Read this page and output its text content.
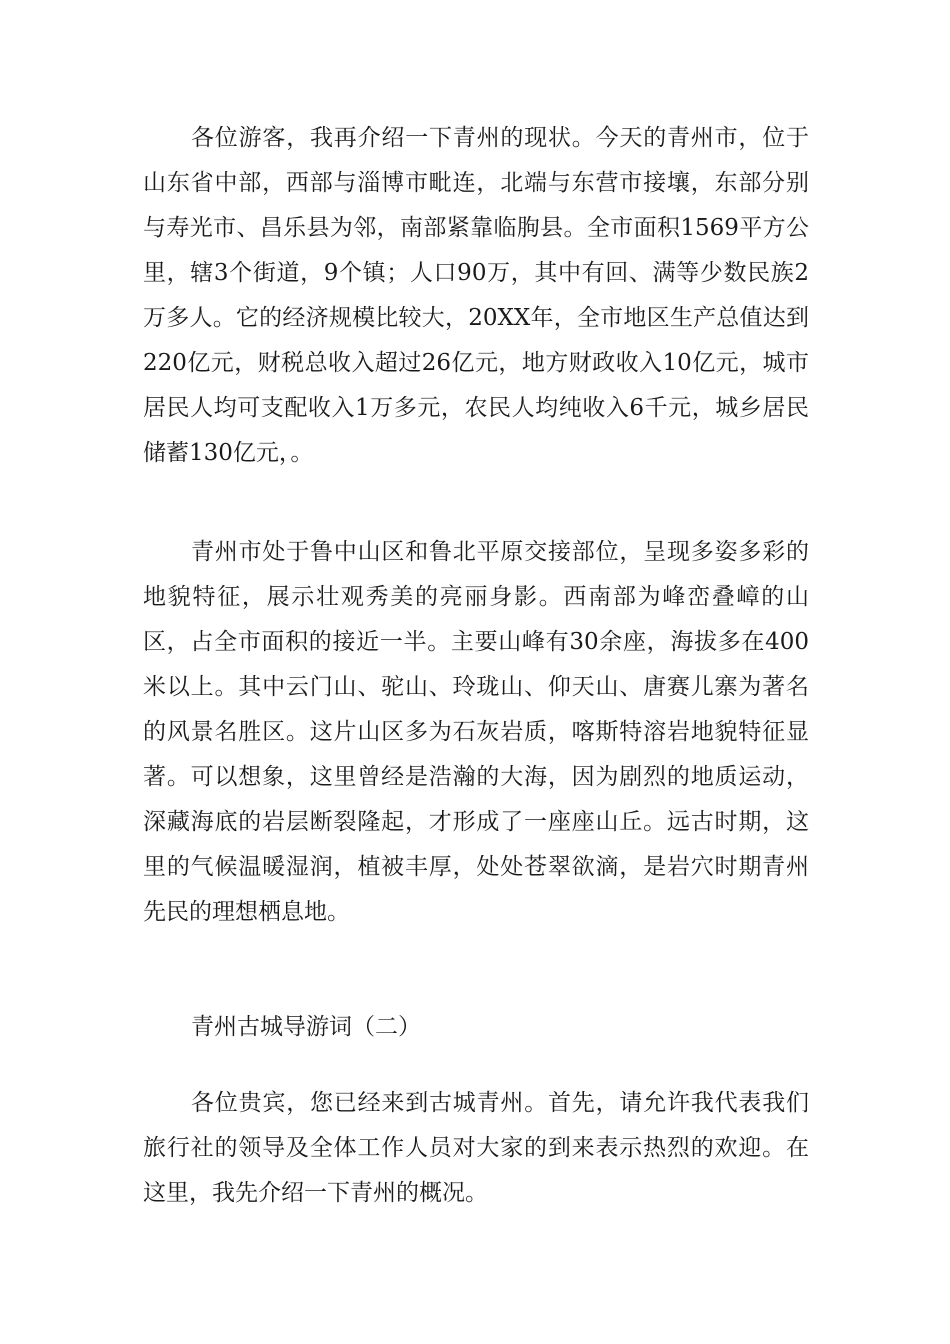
各位游客，我再介绍一下青州的现状。今天的青州市，位于山东省中部，西部与淄博市毗连，北端与东营市接壤，东部分别与寿光市、昌乐县为邻，南部紧靠临朐县。全市面积1569平方公里，辖3个街道，9个镇；人口90万，其中有回、满等少数民族2万多人。它的经济规模比较大，20XX年，全市地区生产总值达到220亿元，财税总收入超过26亿元，地方财政收入10亿元，城市居民人均可支配收入1万多元，农民人均纯收入6千元，城乡居民储蓄130亿元，。

青州市处于鲁中山区和鲁北平原交接部位，呈现多姿多彩的地貌特征，展示壮观秀美的亮丽身影。西南部为峰峦叠嶂的山区，占全市面积的接近一半。主要山峰有30余座，海拔多在400米以上。其中云门山、驼山、玲珑山、仰天山、唐赛儿寨为著名的风景名胜区。这片山区多为石灰岩质，喀斯特溶岩地貌特征显著。可以想象，这里曾经是浩瀚的大海，因为剧烈的地质运动，深藏海底的岩层断裂隆起，才形成了一座座山丘。远古时期，这里的气候温暖湿润，植被丰厚，处处苍翠欲滴，是岩穴时期青州先民的理想栖息地。

青州古城导游词（二）

各位贵宾，您已经来到古城青州。首先，请允许我代表我们旅行社的领导及全体工作人员对大家的到来表示热烈的欢迎。在这里，我先介绍一下青州的概况。
